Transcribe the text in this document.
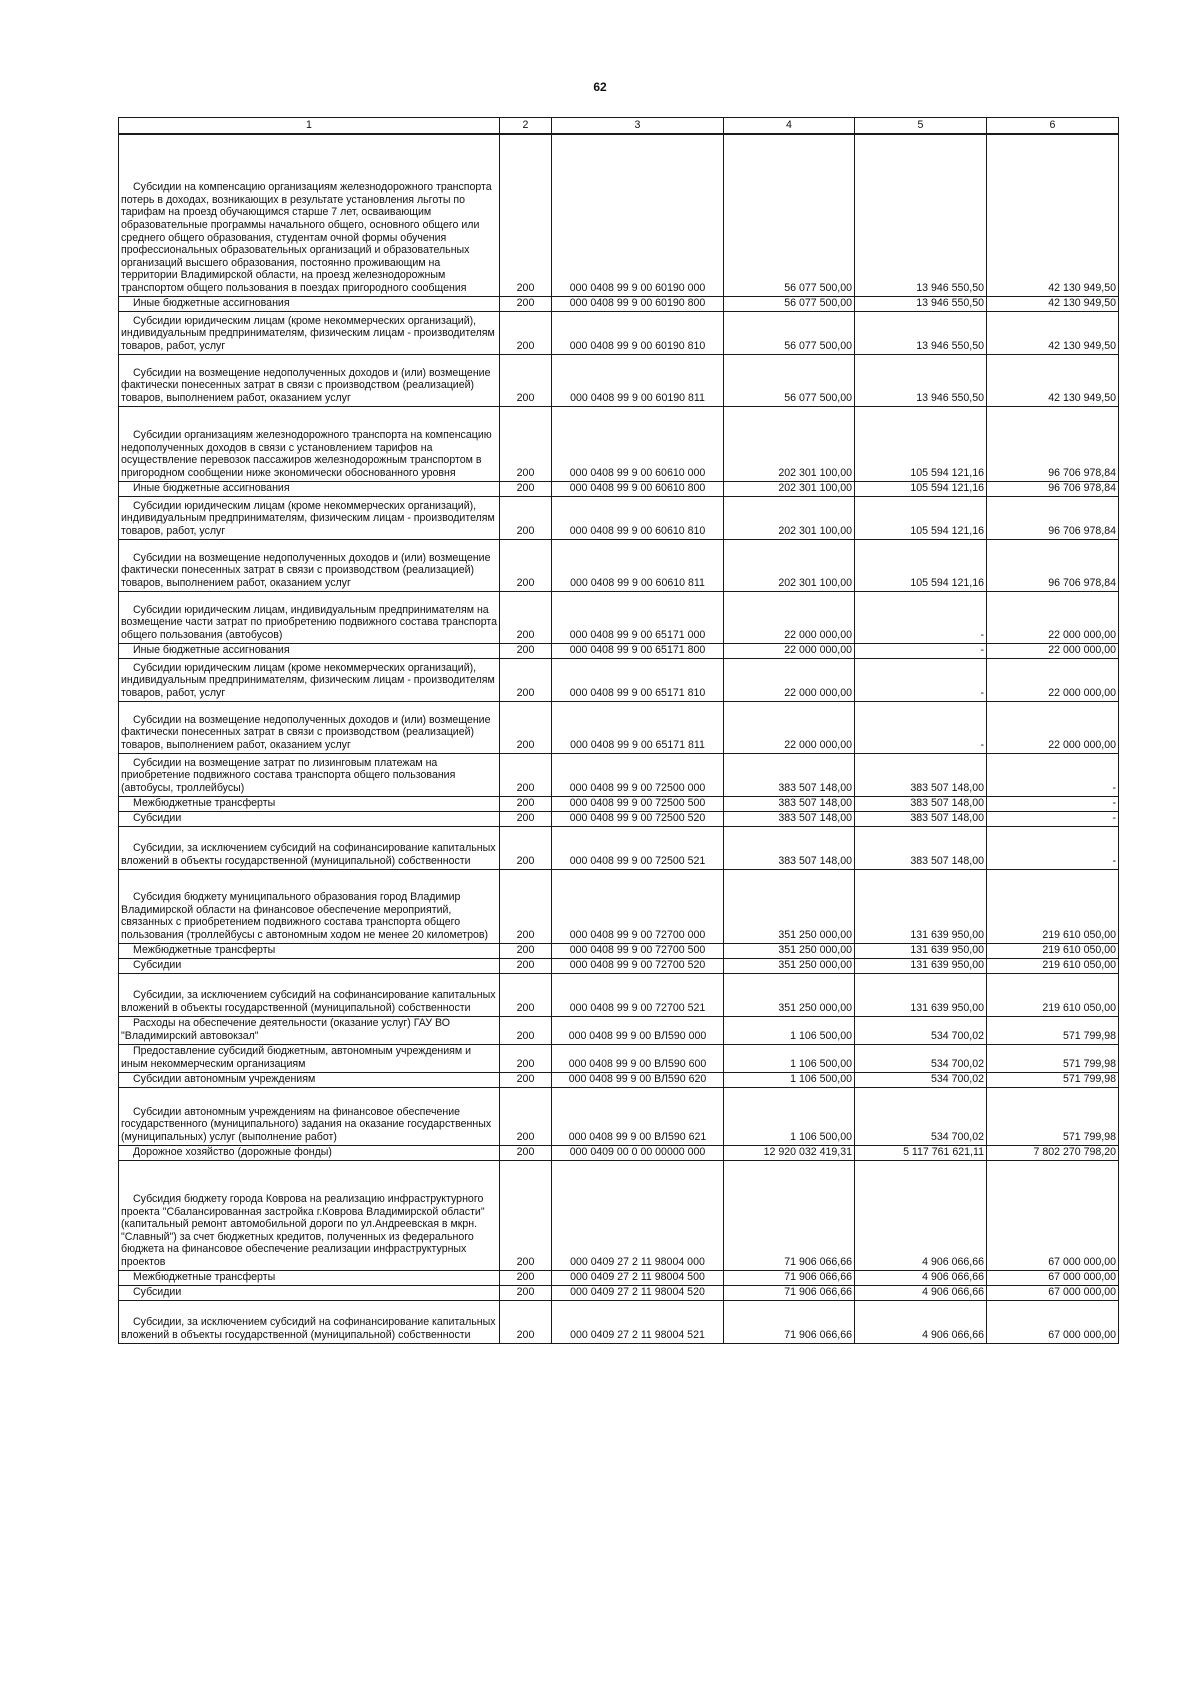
62
1	2	3	4	5	6

Субсидии на компенсацию организациям железнодорожного транспорта потерь в доходах, возникающих в результате установления льготы по тарифам на проезд обучающимся старше 7 лет, осваивающим образовательные программы начального общего, основного общего или среднего общего образования, студентам очной формы обучения профессиональных образовательных организаций и образовательных организаций высшего образования, постоянно проживающим на территории Владимирской области, на проезд железнодорожным транспортом общего пользования в поездах пригородного сообщения	200	000 0408 99 9 00 60190 000	56 077 500,00	13 946 550,50	42 130 949,50

Иные бюджетные ассигнования	200	000 0408 99 9 00 60190 800	56 077 500,00	13 946 550,50	42 130 949,50

Субсидии юридическим лицам (кроме некоммерческих организаций), индивидуальным предпринимателям, физическим лицам - производителям товаров, работ, услуг	200	000 0408 99 9 00 60190 810	56 077 500,00	13 946 550,50	42 130 949,50

Субсидии на возмещение недополученных доходов и (или) возмещение фактически понесенных затрат в связи с производством (реализацией) товаров, выполнением работ, оказанием услуг	200	000 0408 99 9 00 60190 811	56 077 500,00	13 946 550,50	42 130 949,50

Субсидии организациям железнодорожного транспорта на компенсацию недополученных доходов в связи с установлением тарифов на осуществление перевозок пассажиров железнодорожным транспортом в пригородном сообщении ниже экономически обоснованного уровня	200	000 0408 99 9 00 60610 000	202 301 100,00	105 594 121,16	96 706 978,84

Иные бюджетные ассигнования	200	000 0408 99 9 00 60610 800	202 301 100,00	105 594 121,16	96 706 978,84

Субсидии юридическим лицам (кроме некоммерческих организаций), индивидуальным предпринимателям, физическим лицам - производителям товаров, работ, услуг	200	000 0408 99 9 00 60610 810	202 301 100,00	105 594 121,16	96 706 978,84

Субсидии на возмещение недополученных доходов и (или) возмещение фактически понесенных затрат в связи с производством (реализацией) товаров, выполнением работ, оказанием услуг	200	000 0408 99 9 00 60610 811	202 301 100,00	105 594 121,16	96 706 978,84

Субсидии юридическим лицам, индивидуальным предпринимателям на возмещение части затрат по приобретению подвижного состава транспорта общего пользования (автобусов)	200	000 0408 99 9 00 65171 000	22 000 000,00	-	22 000 000,00

Иные бюджетные ассигнования	200	000 0408 99 9 00 65171 800	22 000 000,00	-	22 000 000,00

Субсидии юридическим лицам (кроме некоммерческих организаций), индивидуальным предпринимателям, физическим лицам - производителям товаров, работ, услуг	200	000 0408 99 9 00 65171 810	22 000 000,00	-	22 000 000,00

Субсидии на возмещение недополученных доходов и (или) возмещение фактически понесенных затрат в связи с производством (реализацией) товаров, выполнением работ, оказанием услуг	200	000 0408 99 9 00 65171 811	22 000 000,00	-	22 000 000,00

Субсидии на возмещение затрат по лизинговым платежам на приобретение подвижного состава транспорта общего пользования (автобусы, троллейбусы)	200	000 0408 99 9 00 72500 000	383 507 148,00	383 507 148,00	-

Межбюджетные трансферты	200	000 0408 99 9 00 72500 500	383 507 148,00	383 507 148,00	-

Субсидии	200	000 0408 99 9 00 72500 520	383 507 148,00	383 507 148,00	-

Субсидии, за исключением субсидий на софинансирование капитальных вложений в объекты государственной (муниципальной) собственности	200	000 0408 99 9 00 72500 521	383 507 148,00	383 507 148,00	-

Субсидия бюджету муниципального образования город Владимир Владимирской области на финансовое обеспечение мероприятий, связанных с приобретением подвижного состава транспорта общего пользования (троллейбусы с автономным ходом не менее 20 километров)	200	000 0408 99 9 00 72700 000	351 250 000,00	131 639 950,00	219 610 050,00

Межбюджетные трансферты	200	000 0408 99 9 00 72700 500	351 250 000,00	131 639 950,00	219 610 050,00

Субсидии	200	000 0408 99 9 00 72700 520	351 250 000,00	131 639 950,00	219 610 050,00

Субсидии, за исключением субсидий на софинансирование капитальных вложений в объекты государственной (муниципальной) собственности	200	000 0408 99 9 00 72700 521	351 250 000,00	131 639 950,00	219 610 050,00

Расходы на обеспечение деятельности (оказание услуг) ГАУ ВО "Владимирский автовокзал"	200	000 0408 99 9 00 ВЛ590 000	1 106 500,00	534 700,02	571 799,98

Предоставление субсидий бюджетным, автономным учреждениям и иным некоммерческим организациям	200	000 0408 99 9 00 ВЛ590 600	1 106 500,00	534 700,02	571 799,98

Субсидии автономным учреждениям	200	000 0408 99 9 00 ВЛ590 620	1 106 500,00	534 700,02	571 799,98

Субсидии автономным учреждениям на финансовое обеспечение государственного (муниципального) задания на оказание государственных (муниципальных) услуг (выполнение работ)	200	000 0408 99 9 00 ВЛ590 621	1 106 500,00	534 700,02	571 799,98

Дорожное хозяйство (дорожные фонды)	200	000 0409 00 0 00 00000 000	12 920 032 419,31	5 117 761 621,11	7 802 270 798,20

Субсидия бюджету города Коврова на реализацию инфраструктурного проекта "Сбалансированная застройка г.Коврова Владимирской области" (капитальный ремонт автомобильной дороги по ул.Андреевская в мкрн. "Славный") за счет бюджетных кредитов, полученных из федерального бюджета на финансовое обеспечение реализации инфраструктурных проектов	200	000 0409 27 2 11 98004 000	71 906 066,66	4 906 066,66	67 000 000,00

Межбюджетные трансферты	200	000 0409 27 2 11 98004 500	71 906 066,66	4 906 066,66	67 000 000,00

Субсидии	200	000 0409 27 2 11 98004 520	71 906 066,66	4 906 066,66	67 000 000,00

Субсидии, за исключением субсидий на софинансирование капитальных вложений в объекты государственной (муниципальной) собственности	200	000 0409 27 2 11 98004 521	71 906 066,66	4 906 066,66	67 000 000,00
